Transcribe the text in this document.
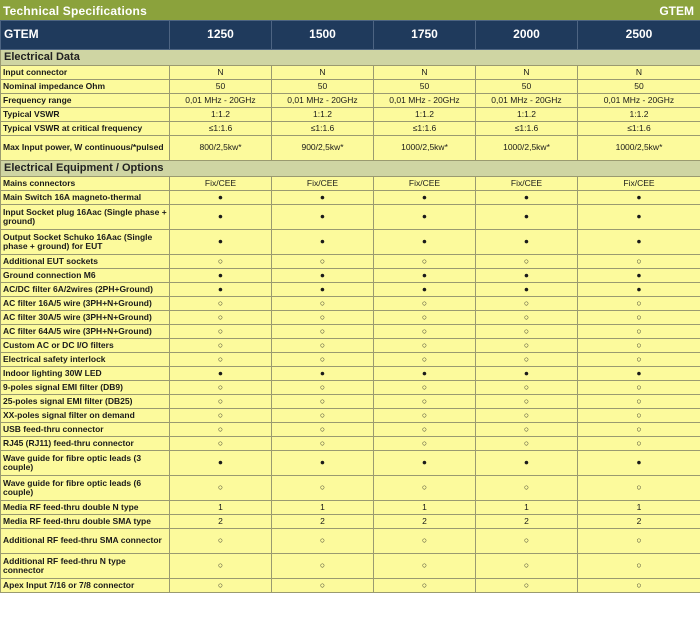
Technical Specifications	GTEM
GTEM	1250	1500	1750	2000	2500
Electrical Data					
Input connector	N	N	N	N	N
Nominal impedance Ohm	50	50	50	50	50
Frequency range	0,01 MHz - 20GHz	0,01 MHz - 20GHz	0,01 MHz - 20GHz	0,01 MHz - 20GHz	0,01 MHz - 20GHz
Typical VSWR	1:1.2	1:1.2	1:1.2	1:1.2	1:1.2
Typical VSWR at critical frequency	≤1:1.6	≤1:1.6	≤1:1.6	≤1:1.6	≤1:1.6
Max Input power, W continuous/*pulsed	800/2,5kw*	900/2,5kw*	1000/2,5kw*	1000/2,5kw*	1000/2,5kw*
Electrical Equipment / Options					
Mains connectors	Fix/CEE	Fix/CEE	Fix/CEE	Fix/CEE	Fix/CEE
Main Switch 16A magneto-thermal	●	●	●	●	●
Input Socket plug 16Aac (Single phase + ground)	●	●	●	●	●
Output Socket Schuko 16Aac (Single phase + ground) for EUT	●	●	●	●	●
Additional EUT sockets	○	○	○	○	○
Ground connection M6	●	●	●	●	●
AC/DC filter 6A/2wires (2PH+Ground)	●	●	●	●	●
AC filter 16A/5 wire (3PH+N+Ground)	○	○	○	○	○
AC filter 30A/5 wire (3PH+N+Ground)	○	○	○	○	○
AC filter 64A/5 wire (3PH+N+Ground)	○	○	○	○	○
Custom AC or DC I/O filters	○	○	○	○	○
Electrical safety interlock	○	○	○	○	○
Indoor lighting 30W LED	●	●	●	●	●
9-poles signal EMI filter (DB9)	○	○	○	○	○
25-poles signal EMI filter (DB25)	○	○	○	○	○
XX-poles signal filter on demand	○	○	○	○	○
USB feed-thru connector	○	○	○	○	○
RJ45 (RJ11) feed-thru connector	○	○	○	○	○
Wave guide for fibre optic leads (3 couple)	●	●	●	●	●
Wave guide for fibre optic leads (6 couple)	○	○	○	○	○
Media RF feed-thru double N type	1	1	1	1	1
Media RF feed-thru double SMA type	2	2	2	2	2
Additional RF feed-thru SMA connector	○	○	○	○	○
Additional RF feed-thru N type connector	○	○	○	○	○
Apex Input 7/16 or 7/8 connector	○	○	○	○	○
